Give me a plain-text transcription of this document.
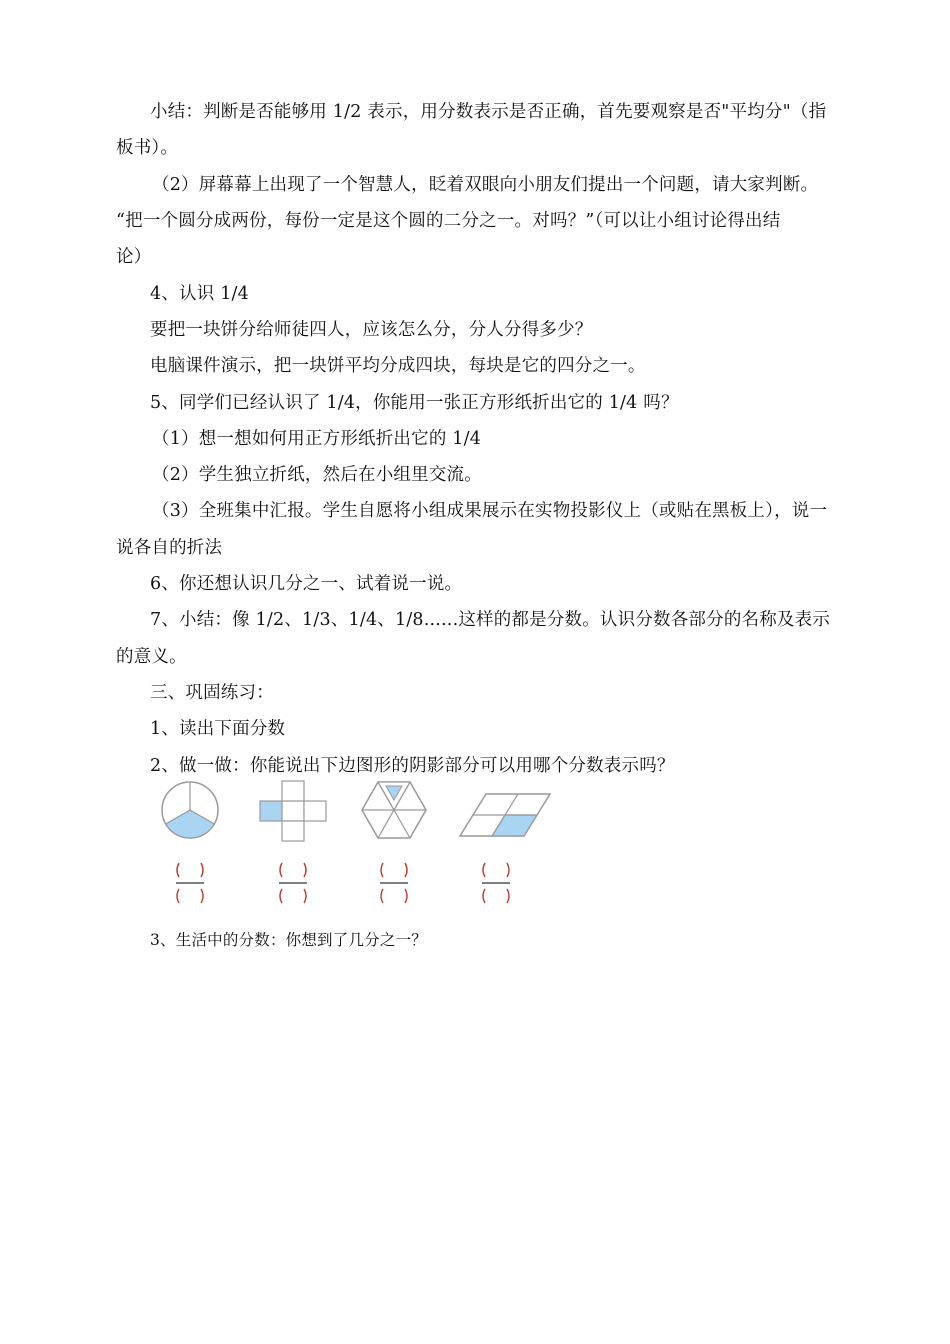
小结：判断是否能够用 1/2 表示，用分数表示是否正确，首先要观察是否"平均分"（指
板书）。
（2）屏幕幕上出现了一个智慧人，眨着双眼向小朋友们提出一个问题，请大家判断。
“把一个圆分成两份，每份一定是这个圆的二分之一。对吗？”（可以让小组讨论得出结
论）
4、认识 1/4
要把一块饼分给师徒四人，应该怎么分，分人分得多少？
电脑课件演示，把一块饼平均分成四块，每块是它的四分之一。
5、同学们已经认识了 1/4，你能用一张正方形纸折出它的 1/4 吗？
（1）想一想如何用正方形纸折出它的 1/4
（2）学生独立折纸，然后在小组里交流。
（3）全班集中汇报。学生自愿将小组成果展示在实物投影仪上（或贴在黑板上），说一
说各自的折法
6、你还想认识几分之一、试着说一说。
7、小结：像 1/2、1/3、1/4、1/8......这样的都是分数。认识分数各部分的名称及表示
的意义。
三、巩固练习：
1、读出下面分数
2、做一做：你能说出下边图形的阴影部分可以用哪个分数表示吗？
3、生活中的分数：你想到了几分之一？
